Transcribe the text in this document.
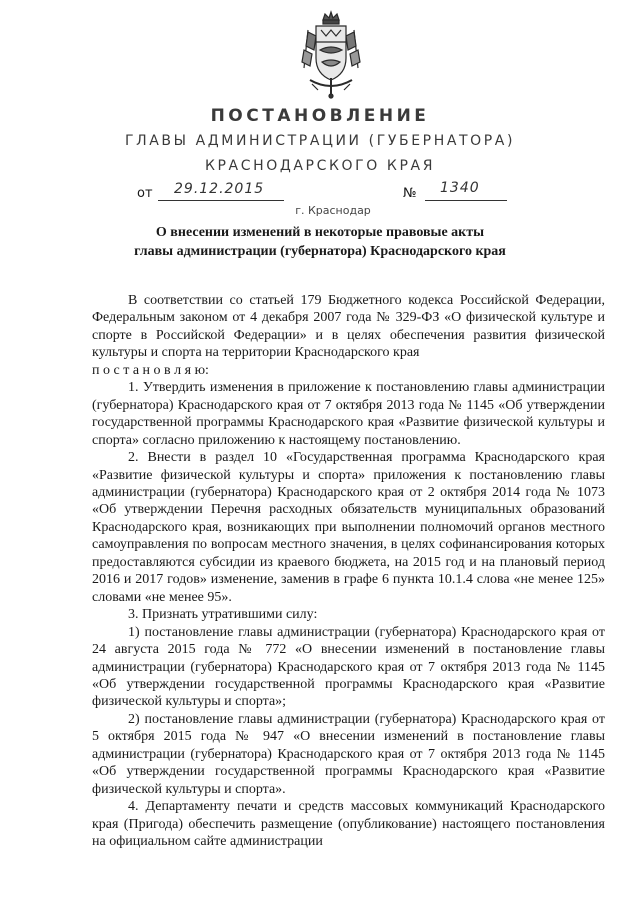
ПОСТАНОВЛЕНИЕ
ГЛАВЫ АДМИНИСТРАЦИИ (ГУБЕРНАТОРА)
КРАСНОДАРСКОГО КРАЯ
от 29.12.2015	№ 1340
г. Краснодар
О внесении изменений в некоторые правовые акты
главы администрации (губернатора) Краснодарского края

В соответствии со статьей 179 Бюджетного кодекса Российской Федерации, Федеральным законом от 4 декабря 2007 года № 329-ФЗ «О физической культуре и спорте в Российской Федерации» и в целях обеспечения развития физической культуры и спорта на территории Краснодарского края

п о с т а н о в л я ю:

1. Утвердить изменения в приложение к постановлению главы администрации (губернатора) Краснодарского края от 7 октября 2013 года № 1145 «Об утверждении государственной программы Краснодарского края «Развитие физической культуры и спорта» согласно приложению к настоящему постановлению.

2. Внести в раздел 10 «Государственная программа Краснодарского края «Развитие физической культуры и спорта» приложения к постановлению главы администрации (губернатора) Краснодарского края от 2 октября 2014 года № 1073 «Об утверждении Перечня расходных обязательств муниципальных образований Краснодарского края, возникающих при выполнении полномочий органов местного самоуправления по вопросам местного значения, в целях софинансирования которых предоставляются субсидии из краевого бюджета, на 2015 год и на плановый период 2016 и 2017 годов» изменение, заменив в графе 6 пункта 10.1.4 слова «не менее 125» словами «не менее 95».

3. Признать утратившими силу:

1) постановление главы администрации (губернатора) Краснодарского края от 24 августа 2015 года № 772 «О внесении изменений в постановление главы администрации (губернатора) Краснодарского края от 7 октября 2013 года № 1145 «Об утверждении государственной программы Краснодарского края «Развитие физической культуры и спорта»;

2) постановление главы администрации (губернатора) Краснодарского края от 5 октября 2015 года № 947 «О внесении изменений в постановление главы администрации (губернатора) Краснодарского края от 7 октября 2013 года № 1145 «Об утверждении государственной программы Краснодарского края «Развитие физической культуры и спорта».

4. Департаменту печати и средств массовых коммуникаций Краснодарского края (Пригода) обеспечить размещение (опубликование) настоящего постановления на официальном сайте администрации
